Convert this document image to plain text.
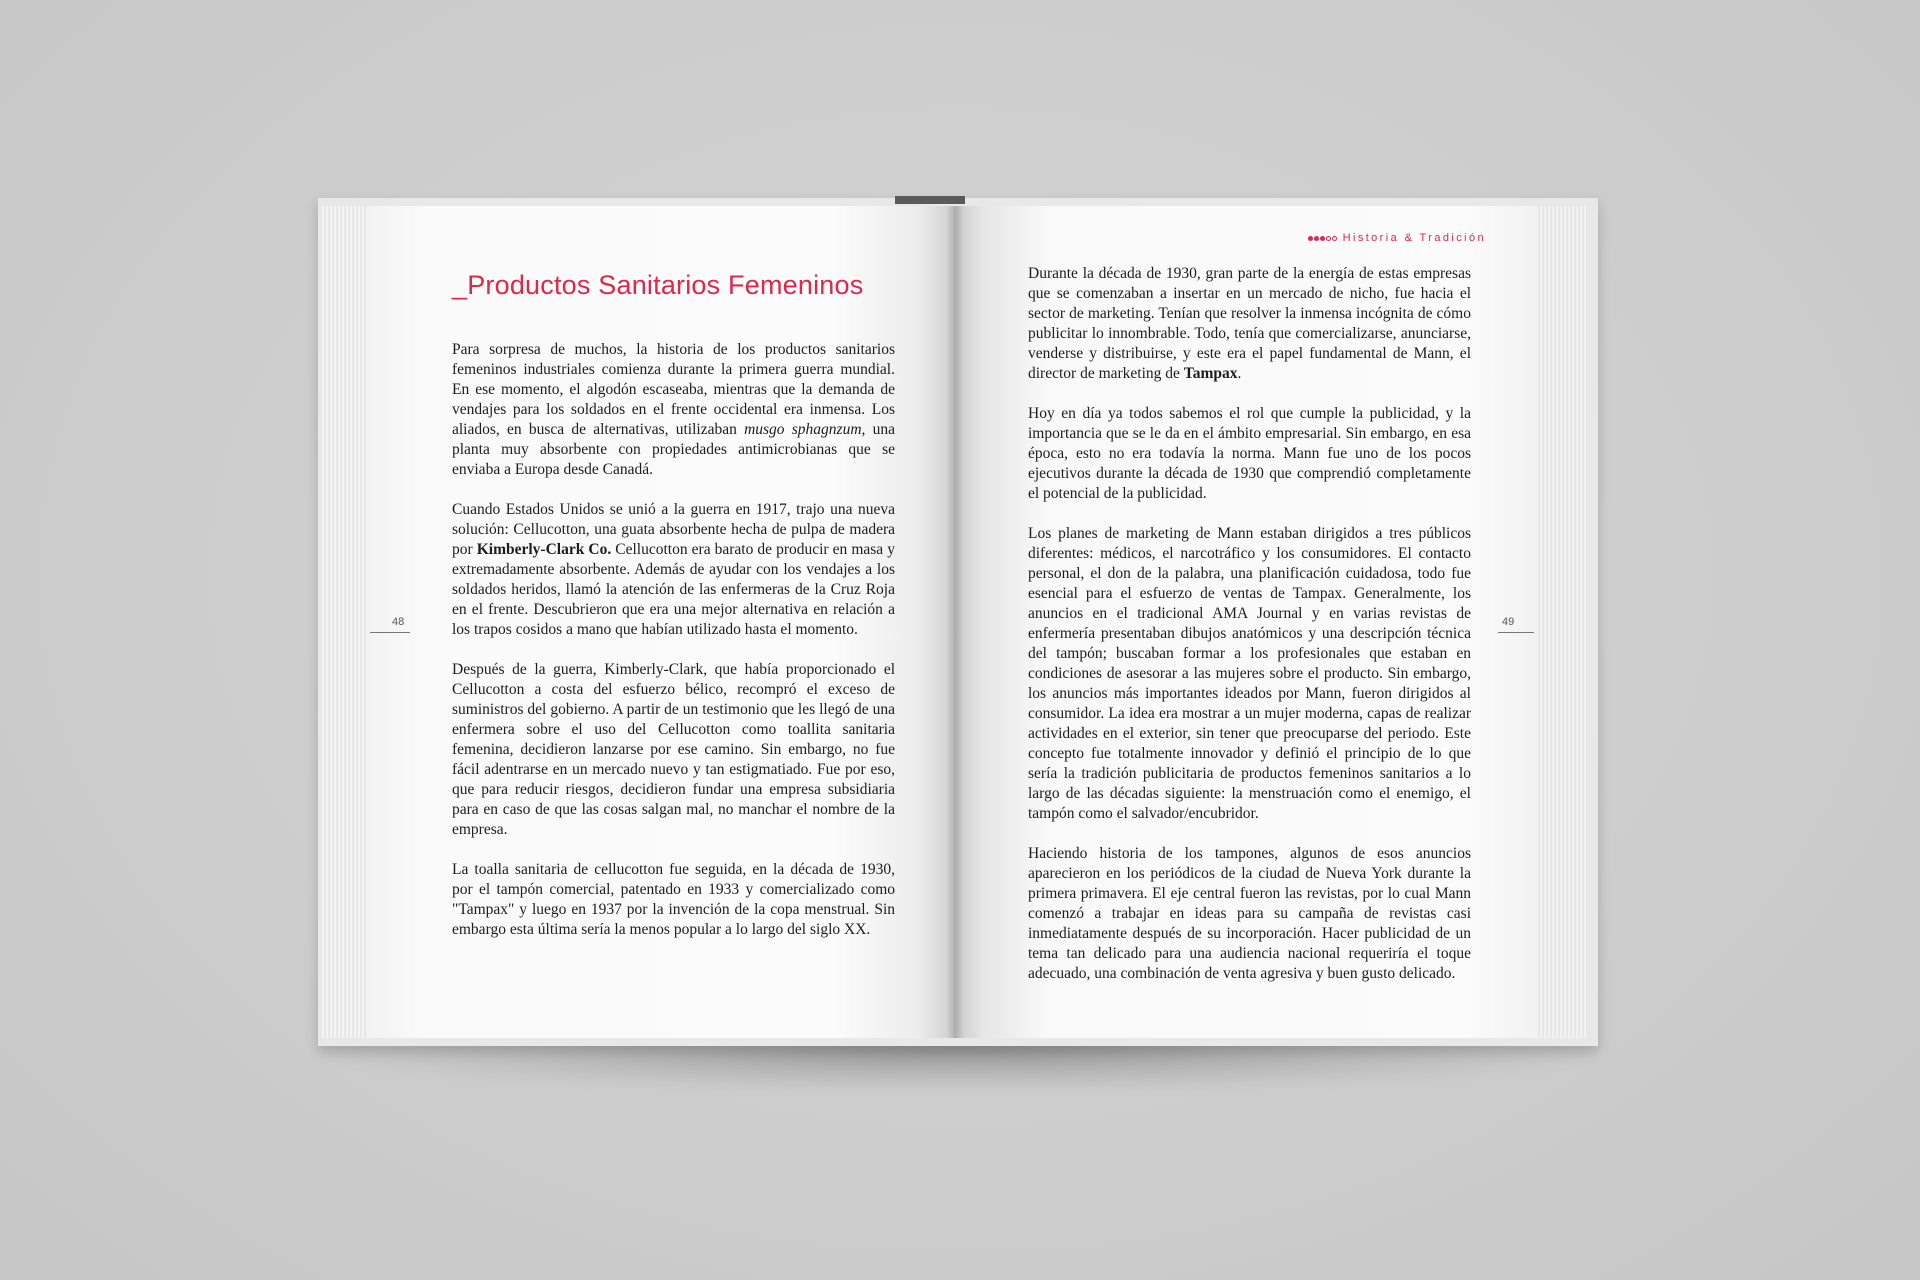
_Productos Sanitarios Femeninos

Para sorpresa de muchos, la historia de los productos sanitarios femeninos industriales comienza durante la primera guerra mundial. En ese momento, el algodón escaseaba, mientras que la demanda de vendajes para los soldados en el frente occidental era inmensa. Los aliados, en busca de alternativas, utilizaban musgo sphagnzum, una planta muy absorbente con propiedades antimicrobianas que se enviaba a Europa desde Canadá.

Cuando Estados Unidos se unió a la guerra en 1917, trajo una nueva solución: Cellucotton, una guata absorbente hecha de pulpa de madera por Kimberly-Clark Co. Cellucotton era barato de producir en masa y extremadamente absorbente. Además de ayudar con los vendajes a los soldados heridos, llamó la atención de las enfermeras de la Cruz Roja en el frente. Descubrieron que era una mejor alternativa en relación a los trapos cosidos a mano que habían utilizado hasta el momento.

Después de la guerra, Kimberly-Clark, que había proporcionado el Cellucotton a costa del esfuerzo bélico, recompró el exceso de suministros del gobierno. A partir de un testimonio que les llegó de una enfermera sobre el uso del Cellucotton como toallita sanitaria femenina, decidieron lanzarse por ese camino. Sin embargo, no fue fácil adentrarse en un mercado nuevo y tan estigmatiado. Fue por eso, que para reducir riesgos, decidieron fundar una empresa subsidiaria para en caso de que las cosas salgan mal, no manchar el nombre de la empresa.

La toalla sanitaria de cellucotton fue seguida, en la década de 1930, por el tampón comercial, patentado en 1933 y comercializado como "Tampax" y luego en 1937 por la invención de la copa menstrual. Sin embargo esta última sería la menos popular a lo largo del siglo XX.

48
Historia & Tradición

Durante la década de 1930, gran parte de la energía de estas empresas que se comenzaban a insertar en un mercado de nicho, fue hacia el sector de marketing. Tenían que resolver la inmensa incógnita de cómo publicitar lo innombrable. Todo, tenía que comercializarse, anunciarse, venderse y distribuirse, y este era el papel fundamental de Mann, el director de marketing de Tampax.

Hoy en día ya todos sabemos el rol que cumple la publicidad, y la importancia que se le da en el ámbito empresarial. Sin embargo, en esa época, esto no era todavía la norma. Mann fue uno de los pocos ejecutivos durante la década de 1930 que comprendió completamente el potencial de la publicidad.

Los planes de marketing de Mann estaban dirigidos a tres públicos diferentes: médicos, el narcotráfico y los consumidores. El contacto personal, el don de la palabra, una planificación cuidadosa, todo fue esencial para el esfuerzo de ventas de Tampax. Generalmente, los anuncios en el tradicional AMA Journal y en varias revistas de enfermería presentaban dibujos anatómicos y una descripción técnica del tampón; buscaban formar a los profesionales que estaban en condiciones de asesorar a las mujeres sobre el producto. Sin embargo, los anuncios más importantes ideados por Mann, fueron dirigidos al consumidor. La idea era mostrar a un mujer moderna, capas de realizar actividades en el exterior, sin tener que preocuparse del periodo. Este concepto fue totalmente innovador y definió el principio de lo que sería la tradición publicitaria de productos femeninos sanitarios a lo largo de las décadas siguiente: la menstruación como el enemigo, el tampón como el salvador/encubridor.

Haciendo historia de los tampones, algunos de esos anuncios aparecieron en los periódicos de la ciudad de Nueva York durante la primera primavera. El eje central fueron las revistas, por lo cual Mann comenzó a trabajar en ideas para su campaña de revistas casi inmediatamente después de su incorporación. Hacer publicidad de un tema tan delicado para una audiencia nacional requeriría el toque adecuado, una combinación de venta agresiva y buen gusto delicado.

49
